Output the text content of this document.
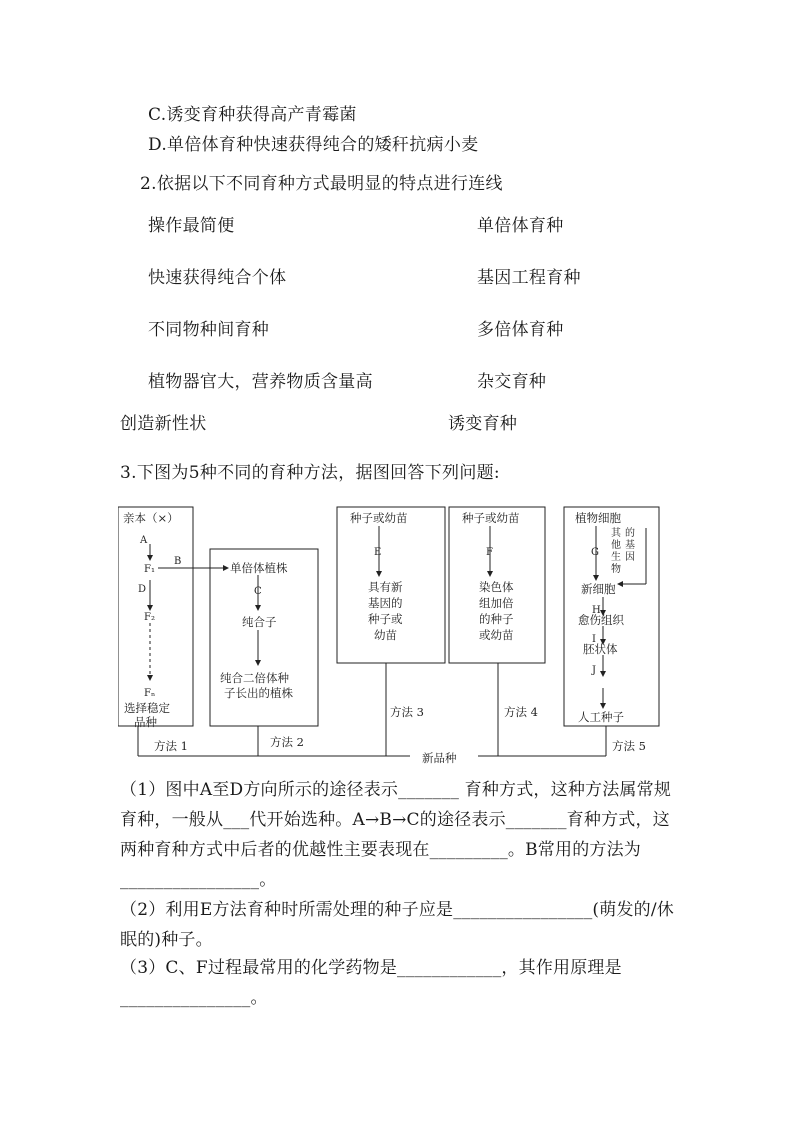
C.诱变育种获得高产青霉菌
D.单倍体育种快速获得纯合的矮秆抗病小麦
2.依据以下不同育种方式最明显的特点进行连线
操作最简便	单倍体育种
快速获得纯合个体	基因工程育种
不同物种间育种	多倍体育种
植物器官大，营养物质含量高	杂交育种
创造新性状	诱变育种
3.下图为5种不同的育种方法，据图回答下列问题:
亲本（×）
A
F₁
D
F₂
Fₙ
选择稳定
品种
B	单倍体植株
C
纯合子
纯合二倍体种
子长出的植株
种子或幼苗
E
具有新
基因的
种子或
幼苗
种子或幼苗
F
染色体
组加倍
的种子
或幼苗
植物细胞
G
新细胞
H
愈伤组织
I
胚状体
J
人工种子
其
他
生
物
的
基
因
方法 1	方法 2
方法 3	方法 4
方法 5
新品种
（1）图中A至D方向所示的途径表示_______ 育种方式，这种方法属常规育种，一般从___代开始选种。A→B→C的途径表示_______育种方式，这两种育种方式中后者的优越性主要表现在_________。B常用的方法为________________。
（2）利用E方法育种时所需处理的种子应是________________(萌发的/休眠的)种子。
（3）C、F过程最常用的化学药物是____________，其作用原理是_______________。
